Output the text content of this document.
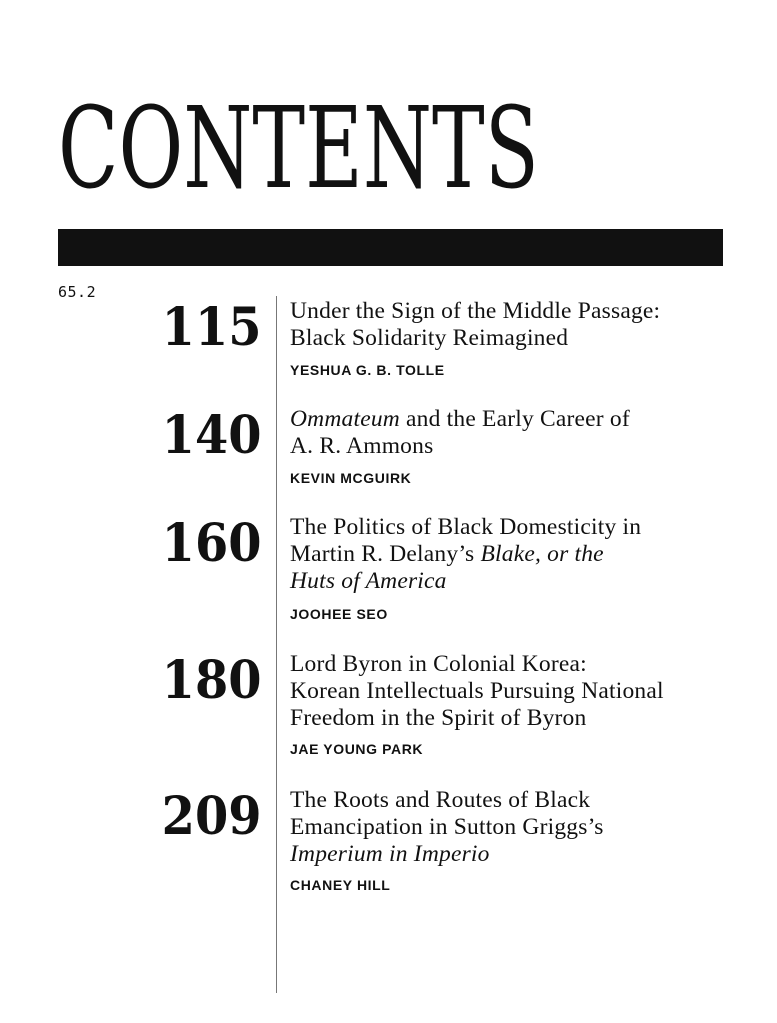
CONTENTS
65.2
115 Under the Sign of the Middle Passage:
Black Solidarity Reimagined
YESHUA G. B. TOLLE
140 Ommateum and the Early Career of
A. R. Ammons
KEVIN MCGUIRK
160 The Politics of Black Domesticity in
Martin R. Delany’s Blake, or the
Huts of America
JOOHEE SEO
180 Lord Byron in Colonial Korea:
Korean Intellectuals Pursuing National
Freedom in the Spirit of Byron
JAE YOUNG PARK
209 The Roots and Routes of Black
Emancipation in Sutton Griggs’s
Imperium in Imperio
CHANEY HILL
